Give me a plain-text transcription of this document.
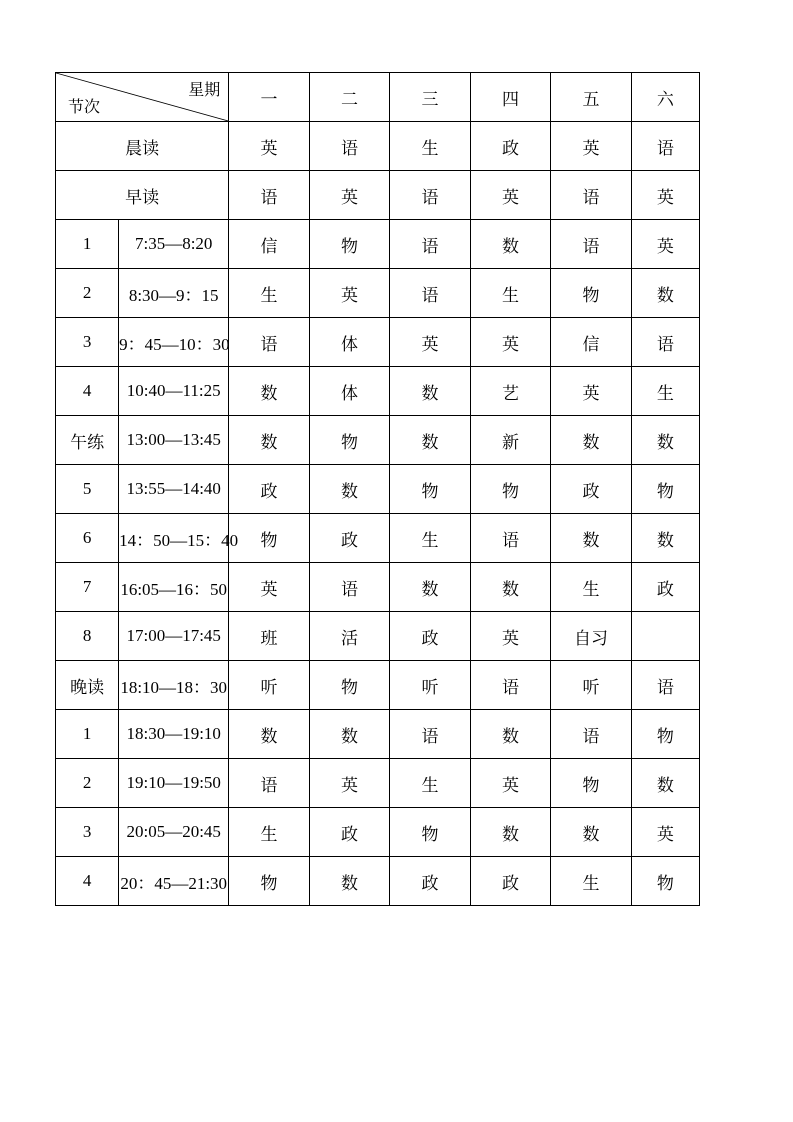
星期
节次		一	二	三	四	五	六
晨读		英	语	生	政	英	语
早读		语	英	语	英	语	英
1	7:35—8:20	信	物	语	数	语	英
2	8:30—9：15	生	英	语	生	物	数
3	9：45—10：30	语	体	英	英	信	语
4	10:40—11:25	数	体	数	艺	英	生
午练	13:00—13:45	数	物	数	新	数	数
5	13:55—14:40	政	数	物	物	政	物
6	14：50—15：40	物	政	生	语	数	数
7	16:05—16：50	英	语	数	数	生	政
8	17:00—17:45	班	活	政	英	自习	
晚读	18:10—18：30	听	物	听	语	听	语
1	18:30—19:10	数	数	语	数	语	物
2	19:10—19:50	语	英	生	英	物	数
3	20:05—20:45	生	政	物	数	数	英
4	20：45—21:30	物	数	政	政	生	物
